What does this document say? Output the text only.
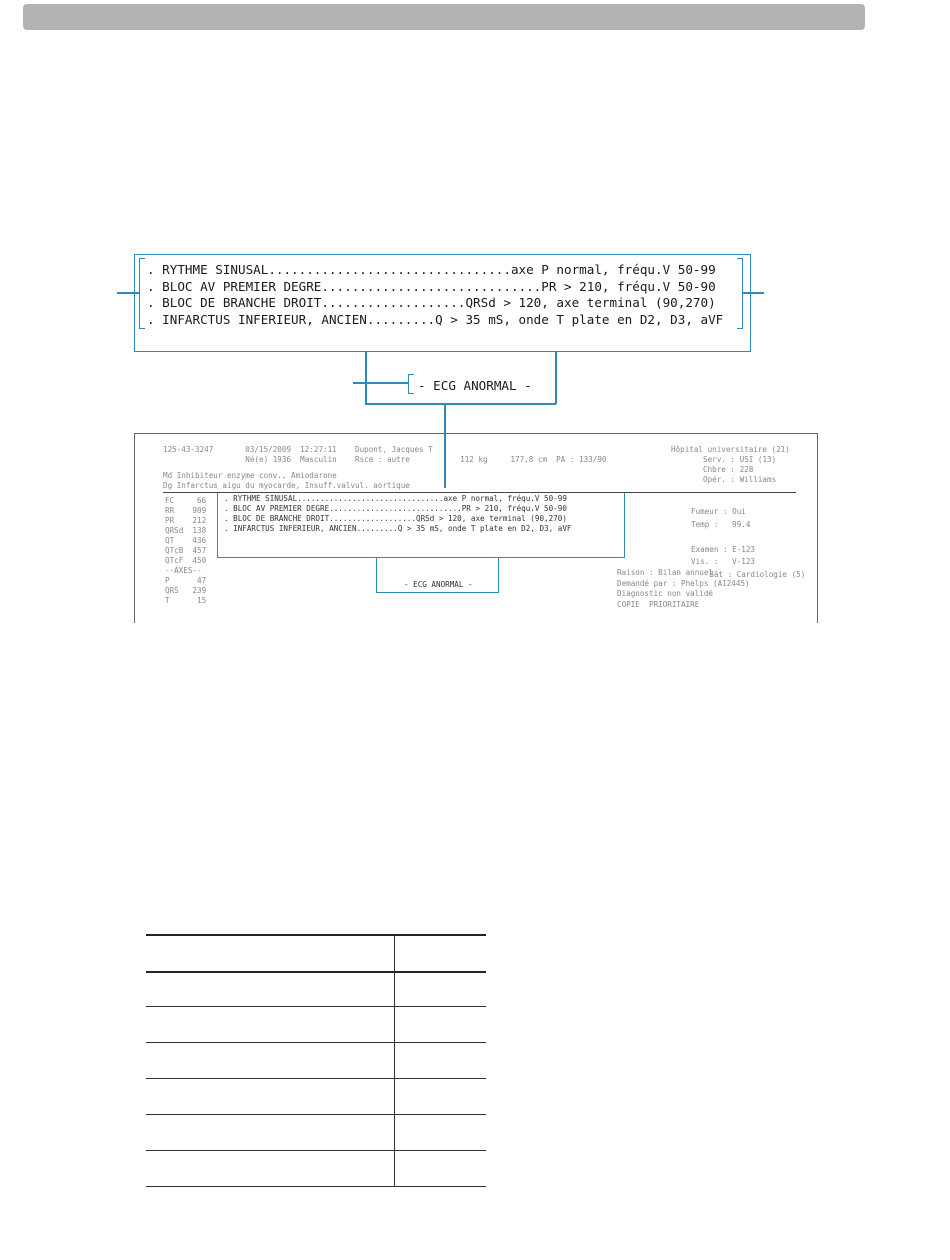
. RYTHME SINUSAL................................axe P normal, fréqu.V 50-99
. BLOC AV PREMIER DEGRE.............................PR > 210, fréqu.V 50-90
. BLOC DE BRANCHE DROIT...................QRSd > 120, axe terminal (90,270)
. INFARCTUS INFERIEUR, ANCIEN.........Q > 35 mS, onde T plate en D2, D3, aVF
- ECG ANORMAL -
125-43-3247       03/15/2009  12:27:11    Dupont, Jacques T
Né(e) 1936  Masculin    Rsce : autre           112 kg     177,8 cm  PA : 133/90
Hôpital universitaire (21)
Serv. : USI (13)
Chbre : 228
Opér. : Williams
Md Inhibiteur enzyme conv., Amiodarone
Dg Infarctus aigu du myocarde, Insuff.valvul. aortique
FC     66
RR    909
PR    212
QRSd  138
QT    436
QTcB  457
QTcF  450
--AXES--
P      47
QRS   239
T      15
. RYTHME SINUSAL................................axe P normal, fréqu.V 50-99
. BLOC AV PREMIER DEGRE.............................PR > 210, fréqu.V 50-90
. BLOC DE BRANCHE DROIT...................QRSd > 120, axe terminal (90,270)
. INFARCTUS INFERIEUR, ANCIEN.........Q > 35 mS, onde T plate en D2, D3, aVF
- ECG ANORMAL -
Fumeur : Oui
Temp :   99.4

Examen : E-123
Vis. :   V-123
Bât : Cardiologie (5)
Raison : Bilan annuel
Demandé par : Phelps (A12445)
Diagnostic non validé
COPIE  PRIORITAIRE
